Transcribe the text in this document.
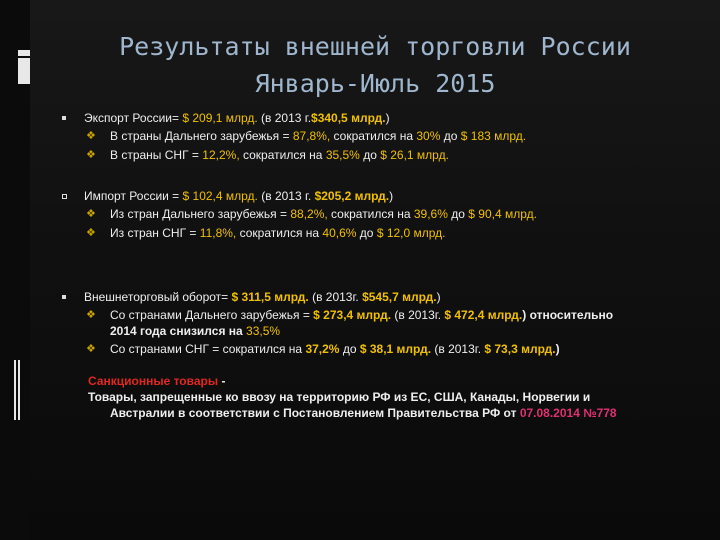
Результаты внешней торговли России
Январь-Июль 2015
Экспорт России= $ 209,1 млрд. (в 2013 г.$340,5 млрд.)
❖ В страны Дальнего зарубежья = 87,8%, сократился на 30% до $ 183 млрд.
❖ В страны СНГ = 12,2%, сократился на 35,5% до $ 26,1 млрд.
Импорт России = $ 102,4 млрд. (в 2013 г. $205,2 млрд.)
❖ Из стран Дальнего зарубежья = 88,2%, сократился на 39,6% до $ 90,4 млрд.
❖ Из стран СНГ = 11,8%, сократился на 40,6% до $ 12,0 млрд.
Внешнеторговый оборот= $ 311,5 млрд. (в 2013г. $545,7 млрд.)
❖ Со странами Дальнего зарубежья = $ 273,4 млрд. (в 2013г. $ 472,4 млрд.) относительно
2014 года снизился на 33,5%
❖ Со странами СНГ = сократился на 37,2% до $ 38,1 млрд. (в 2013г. $ 73,3 млрд.)
Санкционные товары -
Товары, запрещенные ко ввозу на территорию РФ из ЕС, США, Канады, Норвегии и
Австралии в соответствии с Постановлением Правительства РФ от 07.08.2014 №778
